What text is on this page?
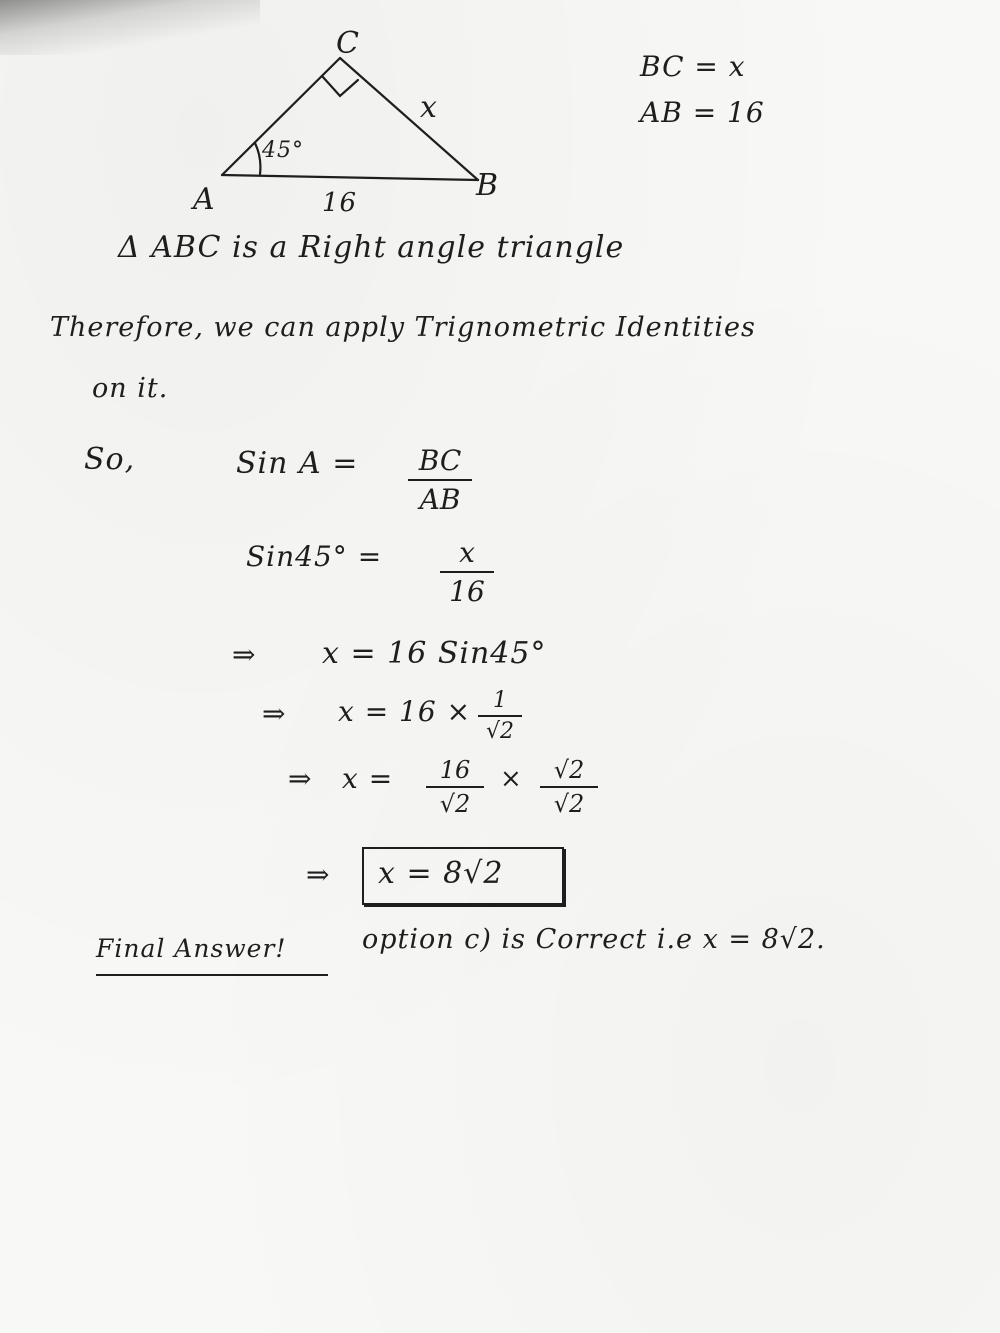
C
A	B
x
16
45°
BC = x
AB = 16
Δ ABC is a Right angle triangle
Therefore, we can apply Trignometric Identities
on it.
So,	Sin A =	BC
AB
Sin45° =	x
16
⇒ x = 16 Sin45°
⇒ x = 16 × 1
√2
⇒ x =	16
√2
×	√2
√2
⇒ x = 8√2
Final Answer!	option c) is Correct i.e x = 8√2.
